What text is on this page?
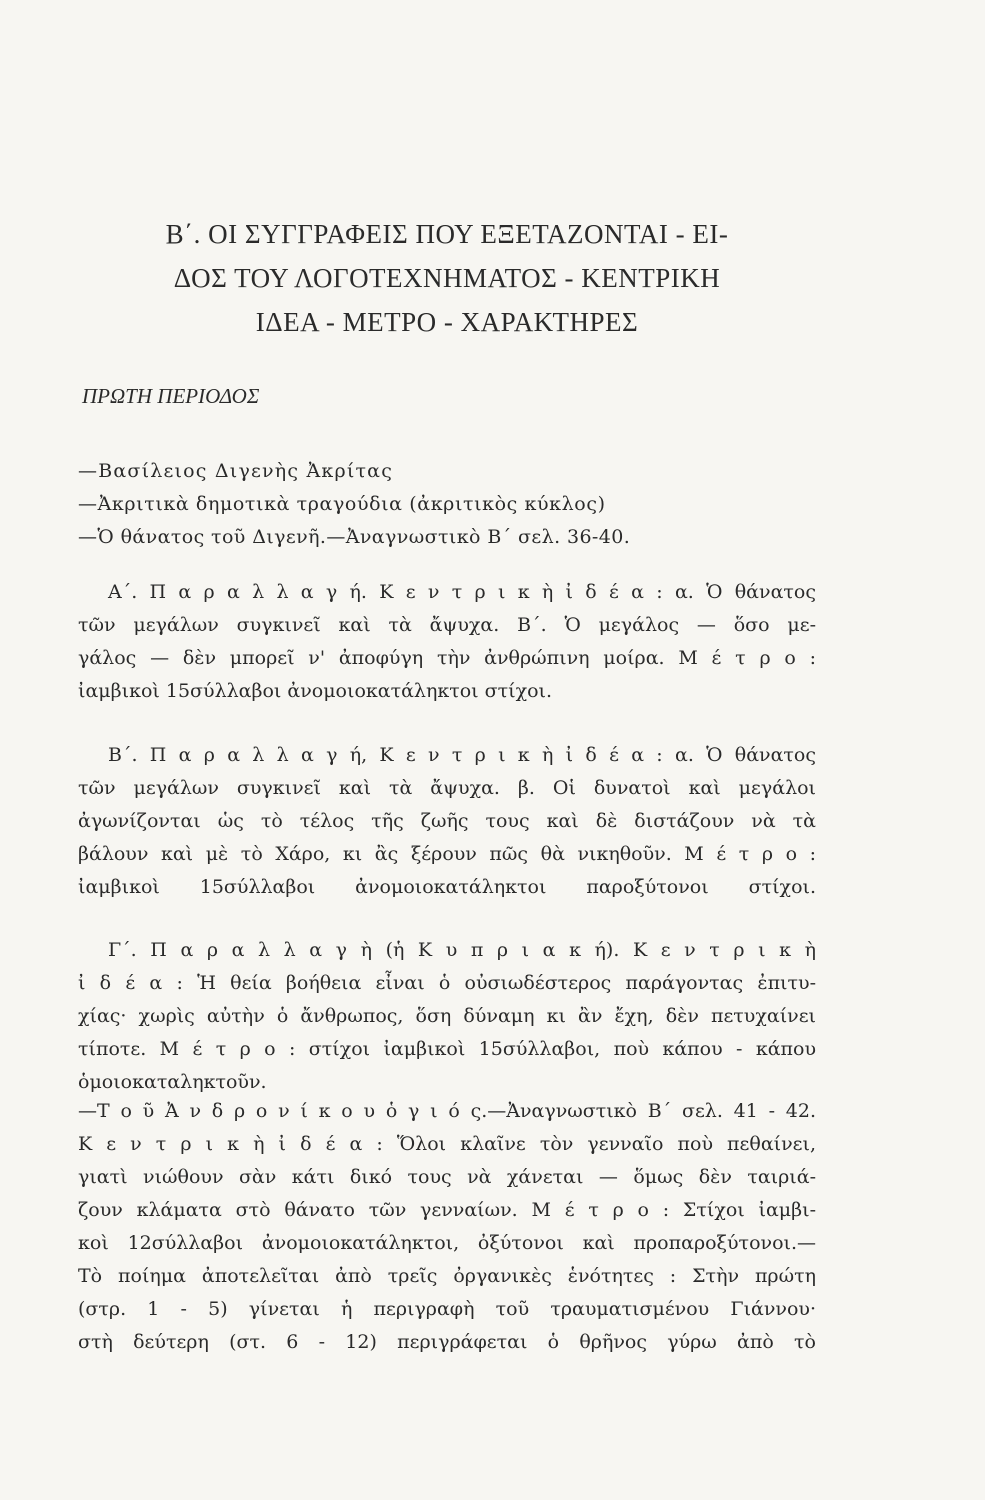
Β΄. ΟΙ ΣΥΓΓΡΑΦΕΙΣ ΠΟΥ ΕΞΕΤΑΖΟΝΤΑΙ - ΕΙ-
ΔΟΣ ΤΟΥ ΛΟΓΟΤΕΧΝΗΜΑΤΟΣ - ΚΕΝΤΡΙΚΗ
ΙΔΕΑ - ΜΕΤΡΟ - ΧΑΡΑΚΤΗΡΕΣ
ΠΡΩΤΗ ΠΕΡΙΟΔΟΣ
—Βασίλειος Διγενὴς Ἀκρίτας
—Ἀκριτικὰ δημοτικὰ τραγούδια (ἀκριτικὸς κύκλος)
—Ὁ θάνατος τοῦ Διγενῆ.—Ἀναγνωστικὸ Β΄ σελ. 36-40.
Α΄. Π α ρ α λ λ α γ ή. Κ ε ν τ ρ ι κ ὴ ἰ δ έ α : α. Ὁ θάνατος
τῶν μεγάλων συγκινεῖ καὶ τὰ ἄψυχα. Β΄. Ὁ μεγάλος — ὅσο με-
γάλος — δὲν μπορεῖ ν' ἀποφύγη τὴν ἀνθρώπινη μοίρα. Μ έ τ ρ ο :
ἰαμβικοὶ 15σύλλαβοι ἀνομοιοκατάληκτοι στίχοι.
Β΄. Π α ρ α λ λ α γ ή, Κ ε ν τ ρ ι κ ὴ ἰ δ έ α : α. Ὁ θάνατος
τῶν μεγάλων συγκινεῖ καὶ τὰ ἄψυχα. β. Οἱ δυνατοὶ καὶ μεγάλοι
ἀγωνίζονται ὡς τὸ τέλος τῆς ζωῆς τους καὶ δὲ διστάζουν νὰ τὰ
βάλουν καὶ μὲ τὸ Χάρο, κι ἂς ξέρουν πῶς θὰ νικηθοῦν. Μ έ τ ρ ο :
ἰαμβικοὶ 15σύλλαβοι ἀνομοιοκατάληκτοι παροξύτονοι στίχοι.
Γ΄. Π α ρ α λ λ α γ ὴ (ἡ Κ υ π ρ ι α κ ή). Κ ε ν τ ρ ι κ ὴ
ἰ δ έ α : Ἡ θεία βοήθεια εἶναι ὁ οὐσιωδέστερος παράγοντας ἐπιτυ-
χίας· χωρὶς αὐτὴν ὁ ἄνθρωπος, ὅση δύναμη κι ἂν ἔχη, δὲν πετυχαίνει
τίποτε. Μ έ τ ρ ο : στίχοι ἰαμβικοὶ 15σύλλαβοι, ποὺ κάπου - κάπου
ὁμοιοκαταληκτοῦν.
—Τ ο ῦ Ἀ ν δ ρ ο ν ί κ ο υ ὁ γ ι ό ς.—Ἀναγνωστικὸ Β΄ σελ. 41 - 42.
Κ ε ν τ ρ ι κ ὴ ἰ δ έ α : Ὅλοι κλαῖνε τὸν γενναῖο ποὺ πεθαίνει,
γιατὶ νιώθουν σὰν κάτι δικό τους νὰ χάνεται — ὅμως δὲν ταιριά-
ζουν κλάματα στὸ θάνατο τῶν γενναίων. Μ έ τ ρ ο : Στίχοι ἰαμβι-
κοὶ 12σύλλαβοι ἀνομοιοκατάληκτοι, ὀξύτονοι καὶ προπαροξύτονοι.—
Τὸ ποίημα ἀποτελεῖται ἀπὸ τρεῖς ὀργανικὲς ἑνότητες : Στὴν πρώτη
(στρ. 1 - 5) γίνεται ἡ περιγραφὴ τοῦ τραυματισμένου Γιάννου·
στὴ δεύτερη (στ. 6 - 12) περιγράφεται ὁ θρῆνος γύρω ἀπὸ τὸ
